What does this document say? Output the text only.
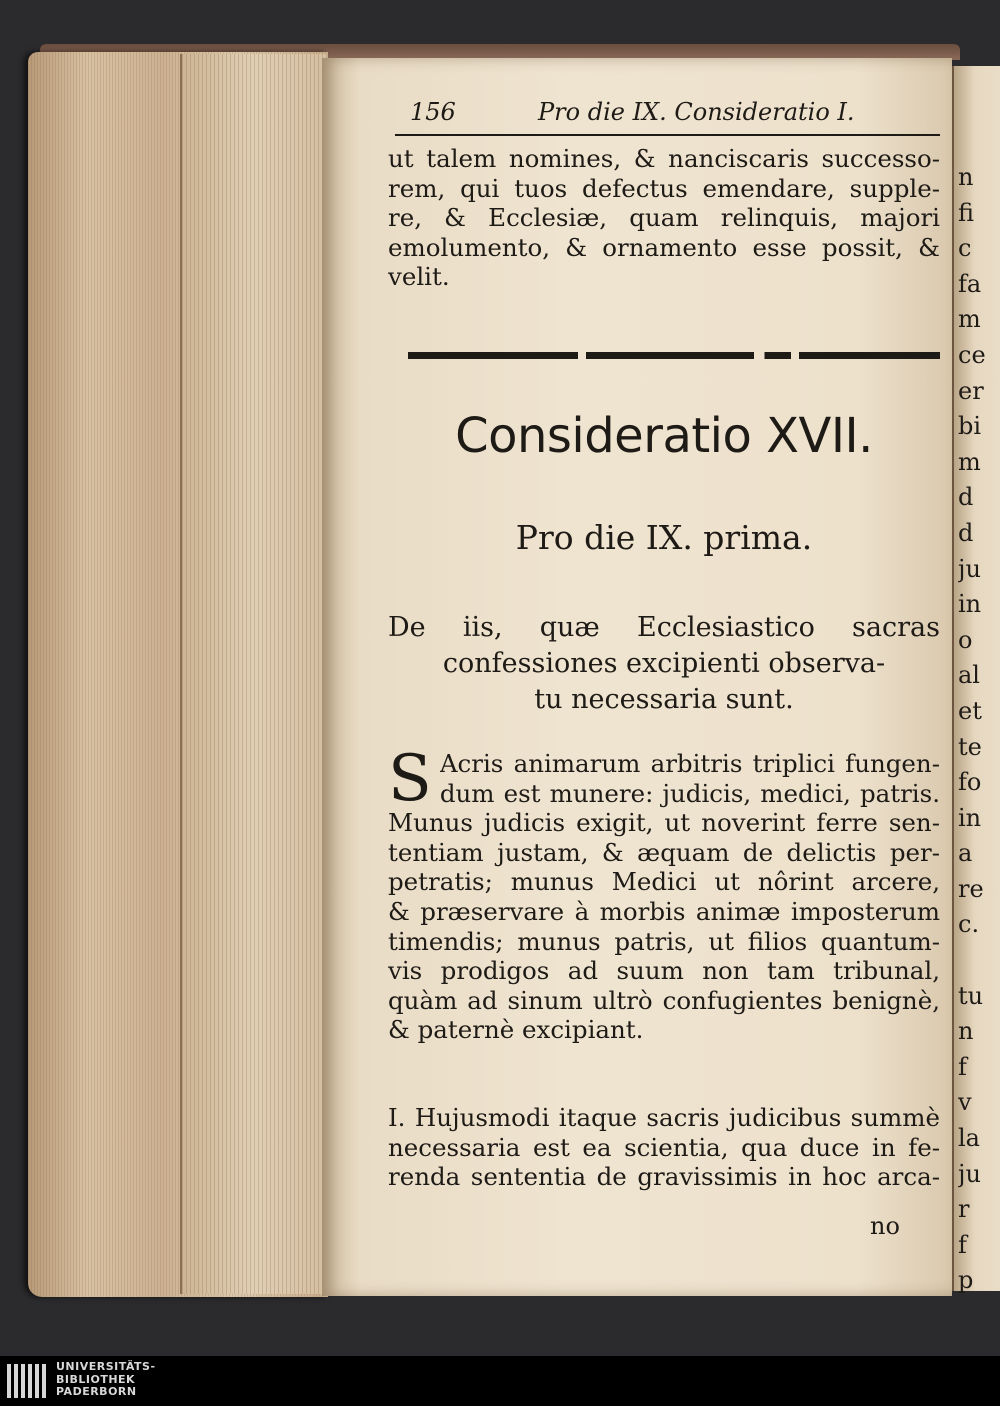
156	Pro die IX. Consideratio I.
ut talem nomines, & nanciscaris successo-
rem, qui tuos defectus emendare, supple-
re, & Ecclesiæ, quam relinquis, majori
emolumento, & ornamento esse possit, &
velit.
Consideratio XVII.
Pro die IX. prima.
De iis, quæ Ecclesiastico sacras
confessiones excipienti observa-
tu necessaria sunt.
S Acris animarum arbitris triplici fungen-
dum est munere: judicis, medici, patris.
Munus judicis exigit, ut noverint ferre sen-
tentiam justam, & æquam de delictis per-
petratis; munus Medici ut nôrint arcere,
& præservare à morbis animæ imposterum
timendis; munus patris, ut filios quantum-
vis prodigos ad suum non tam tribunal,
quàm ad sinum ultrò confugientes benignè,
& paternè excipiant.
I. Hujusmodi itaque sacris judicibus summè
necessaria est ea scientia, qua duce in fe-
renda sententia de gravissimis in hoc arca-
no
n
fi
c
fa
m
ce
er
bi
m
d
d
ju
in
o
al
et
te
fo
in
a
re
c.

tu
n
f
v
la
ju
r
f
p
UNIVERSITÄTS-
BIBLIOTHEK
PADERBORN
